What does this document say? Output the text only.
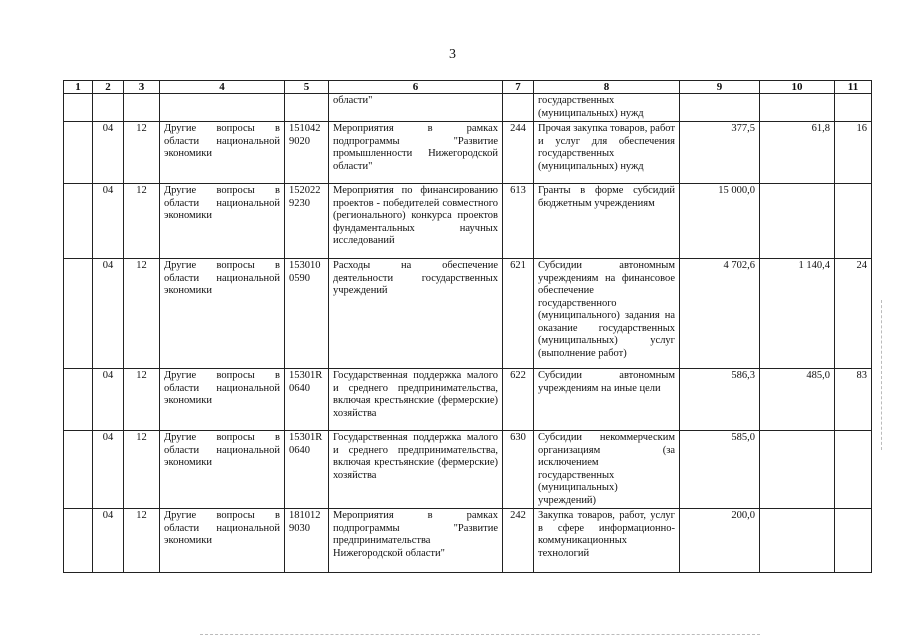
3
1	2	3	4	5	6	7	8	9	10	11
					области"		государственных (муниципальных) нужд			
	04	12	Другие вопросы в области национальной экономики	151042 9020	Мероприятия в рамках подпрограммы "Развитие промышленности Нижегородской области"	244	Прочая закупка товаров, работ и услуг для обеспечения государственных (муниципальных) нужд	377,5	61,8	16
	04	12	Другие вопросы в области национальной экономики	152022 9230	Мероприятия по финансированию проектов - победителей совместного (регионального) конкурса проектов фундаментальных научных исследований	613	Гранты в форме субсидий бюджетным учреждениям	15 000,0		
	04	12	Другие вопросы в области национальной экономики	153010 0590	Расходы на обеспечение деятельности государственных учреждений	621	Субсидии автономным учреждениям на финансовое обеспечение государственного (муниципального) задания на оказание государственных (муниципальных) услуг (выполнение работ)	4 702,6	1 140,4	24
	04	12	Другие вопросы в области национальной экономики	15301R 0640	Государственная поддержка малого и среднего предпринимательства, включая крестьянские (фермерские) хозяйства	622	Субсидии автономным учреждениям на иные цели	586,3	485,0	83
	04	12	Другие вопросы в области национальной экономики	15301R 0640	Государственная поддержка малого и среднего предпринимательства, включая крестьянские (фермерские) хозяйства	630	Субсидии некоммерческим организациям (за исключением государственных (муниципальных) учреждений)	585,0		
	04	12	Другие вопросы в области национальной экономики	181012 9030	Мероприятия в рамках подпрограммы "Развитие предпринимательства Нижегородской области"	242	Закупка товаров, работ, услуг в сфере информационно-коммуникационных технологий	200,0		
